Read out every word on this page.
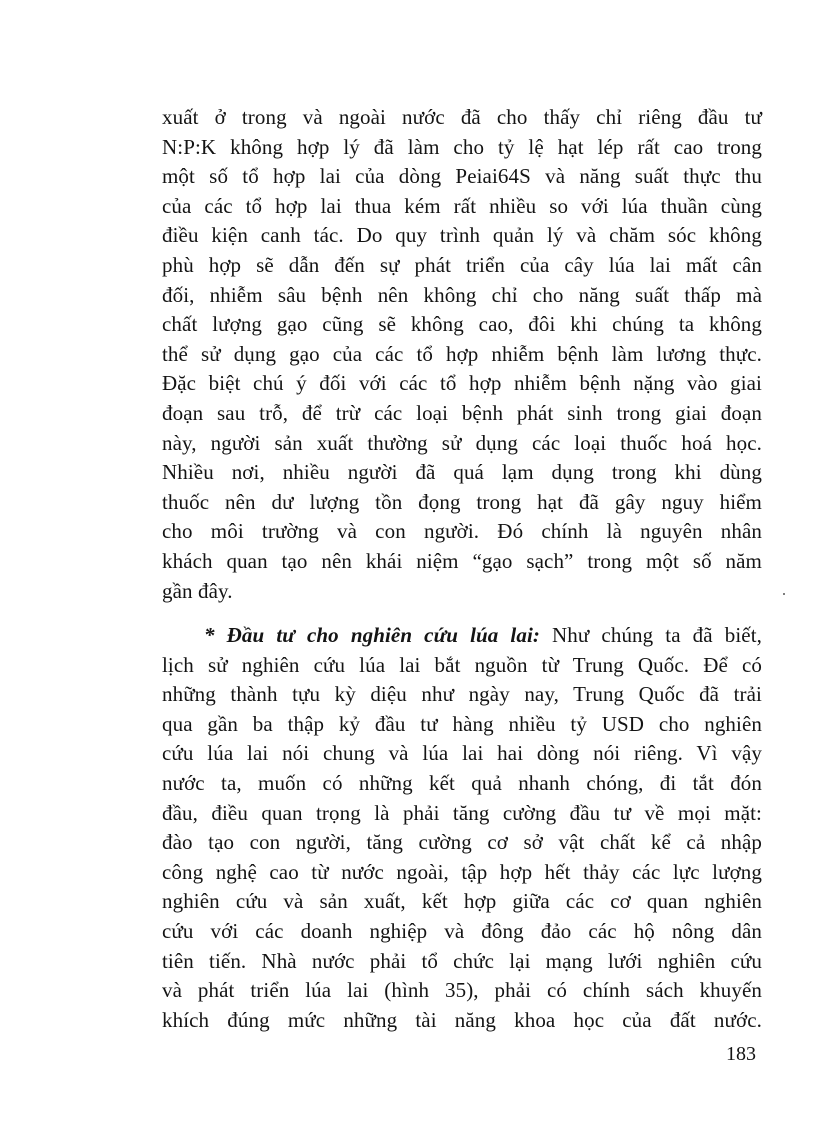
xuất ở trong và ngoài nước đã cho thấy chỉ riêng đầu tư
N:P:K không hợp lý đã làm cho tỷ lệ hạt lép rất cao trong
một số tổ hợp lai của dòng Peiai64S và năng suất thực thu
của các tổ hợp lai thua kém rất nhiều so với lúa thuần cùng
điều kiện canh tác. Do quy trình quản lý và chăm sóc không
phù hợp sẽ dẫn đến sự phát triển của cây lúa lai mất cân
đối, nhiễm sâu bệnh nên không chỉ cho năng suất thấp mà
chất lượng gạo cũng sẽ không cao, đôi khi chúng ta không
thể sử dụng gạo của các tổ hợp nhiễm bệnh làm lương thực.
Đặc biệt chú ý đối với các tổ hợp nhiễm bệnh nặng vào giai
đoạn sau trỗ, để trừ các loại bệnh phát sinh trong giai đoạn
này, người sản xuất thường sử dụng các loại thuốc hoá học.
Nhiều nơi, nhiều người đã quá lạm dụng trong khi dùng
thuốc nên dư lượng tồn đọng trong hạt đã gây nguy hiểm
cho môi trường và con người. Đó chính là nguyên nhân
khách quan tạo nên khái niệm “gạo sạch” trong một số năm
gần đây.
* Đầu tư cho nghiên cứu lúa lai: Như chúng ta đã biết,
lịch sử nghiên cứu lúa lai bắt nguồn từ Trung Quốc. Để có
những thành tựu kỳ diệu như ngày nay, Trung Quốc đã trải
qua gần ba thập kỷ đầu tư hàng nhiều tỷ USD cho nghiên
cứu lúa lai nói chung và lúa lai hai dòng nói riêng. Vì vậy
nước ta, muốn có những kết quả nhanh chóng, đi tắt đón
đầu, điều quan trọng là phải tăng cường đầu tư về mọi mặt:
đào tạo con người, tăng cường cơ sở vật chất kể cả nhập
công nghệ cao từ nước ngoài, tập hợp hết thảy các lực lượng
nghiên cứu và sản xuất, kết hợp giữa các cơ quan nghiên
cứu với các doanh nghiệp và đông đảo các hộ nông dân
tiên tiến. Nhà nước phải tổ chức lại mạng lưới nghiên cứu
và phát triển lúa lai (hình 35), phải có chính sách khuyến
khích đúng mức những tài năng khoa học của đất nước.
183
